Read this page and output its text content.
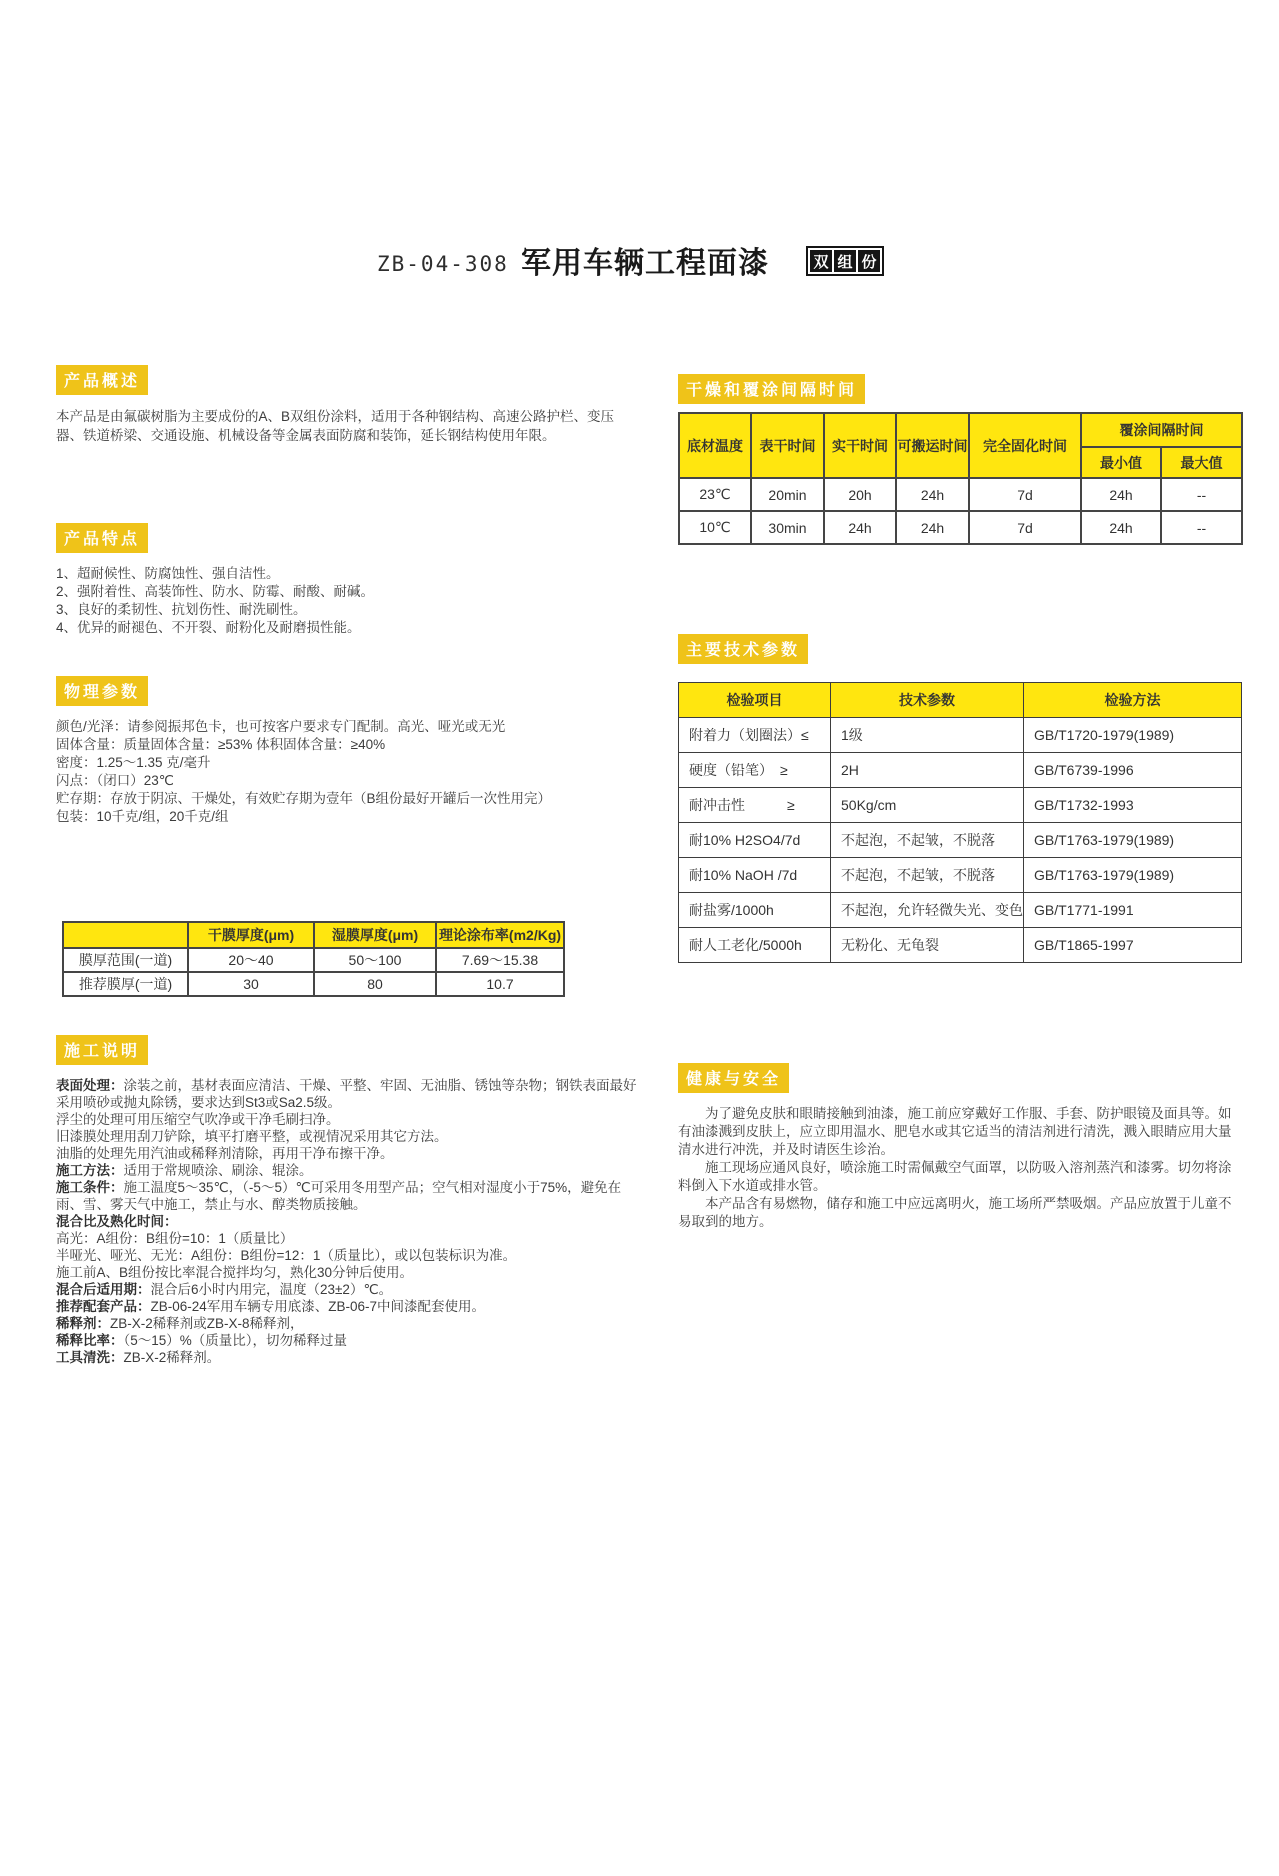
ZB-04-308 军用车辆工程面漆	双 组 份
产品概述
本产品是由氟碳树脂为主要成份的A、B双组份涂料，适用于各种钢结构、高速公路护栏、变压器、铁道桥梁、交通设施、机械设备等金属表面防腐和装饰，延长钢结构使用年限。
产品特点
1、超耐候性、防腐蚀性、强自洁性。
2、强附着性、高装饰性、防水、防霉、耐酸、耐碱。
3、良好的柔韧性、抗划伤性、耐洗刷性。
4、优异的耐褪色、不开裂、耐粉化及耐磨损性能。
物理参数
颜色/光泽：请参阅振邦色卡，也可按客户要求专门配制。高光、哑光或无光
固体含量：质量固体含量：≥53% 体积固体含量：≥40%
密度：1.25～1.35 克/毫升
闪点：（闭口）23℃
贮存期：存放于阴凉、干燥处，有效贮存期为壹年（B组份最好开罐后一次性用完）
包装：10千克/组，20千克/组
	干膜厚度(μm)	湿膜厚度(μm)	理论涂布率(m2/Kg)
膜厚范围(一道)	20～40	50～100	7.69～15.38
推荐膜厚(一道)	30	80	10.7
施工说明
表面处理：涂装之前，基材表面应清洁、干燥、平整、牢固、无油脂、锈蚀等杂物；钢铁表面最好采用喷砂或抛丸除锈，要求达到St3或Sa2.5级。
浮尘的处理可用压缩空气吹净或干净毛刷扫净。
旧漆膜处理用刮刀铲除，填平打磨平整，或视情况采用其它方法。
油脂的处理先用汽油或稀释剂清除，再用干净布擦干净。
施工方法：适用于常规喷涂、刷涂、辊涂。
施工条件：施工温度5～35℃，（-5～5）℃可采用冬用型产品；空气相对湿度小于75%，避免在雨、雪、雾天气中施工，禁止与水、醇类物质接触。
混合比及熟化时间：
高光：A组份：B组份=10：1（质量比）
半哑光、哑光、无光：A组份：B组份=12：1（质量比），或以包装标识为准。
施工前A、B组份按比率混合搅拌均匀，熟化30分钟后使用。
混合后适用期：混合后6小时内用完，温度（23±2）℃。
推荐配套产品：ZB-06-24军用车辆专用底漆、ZB-06-7中间漆配套使用。
稀释剂：ZB-X-2稀释剂或ZB-X-8稀释剂，
稀释比率：（5～15）%（质量比），切勿稀释过量
工具清洗：ZB-X-2稀释剂。
干燥和覆涂间隔时间
底材温度	表干时间	实干时间	可搬运时间	完全固化时间	覆涂间隔时间	
					最小值	最大值
23℃	20min	20h	24h	7d	24h	--
10℃	30min	24h	24h	7d	24h	--
主要技术参数
检验项目	技术参数	检验方法
附着力（划圈法）≤	1级	GB/T1720-1979(1989)
硬度（铅笔）　≥	2H	GB/T6739-1996
耐冲击性　　　≥	50Kg/cm	GB/T1732-1993
耐10% H2SO4/7d	不起泡，不起皱，不脱落	GB/T1763-1979(1989)
耐10% NaOH /7d	不起泡，不起皱，不脱落	GB/T1763-1979(1989)
耐盐雾/1000h	不起泡，允许轻微失光、变色	GB/T1771-1991
耐人工老化/5000h	无粉化、无龟裂	GB/T1865-1997
健康与安全

为了避免皮肤和眼睛接触到油漆，施工前应穿戴好工作服、手套、防护眼镜及面具等。如有油漆溅到皮肤上，应立即用温水、肥皂水或其它适当的清洁剂进行清洗，溅入眼睛应用大量清水进行冲洗，并及时请医生诊治。

施工现场应通风良好，喷涂施工时需佩戴空气面罩，以防吸入溶剂蒸汽和漆雾。切勿将涂料倒入下水道或排水管。

本产品含有易燃物，储存和施工中应远离明火，施工场所严禁吸烟。产品应放置于儿童不易取到的地方。
